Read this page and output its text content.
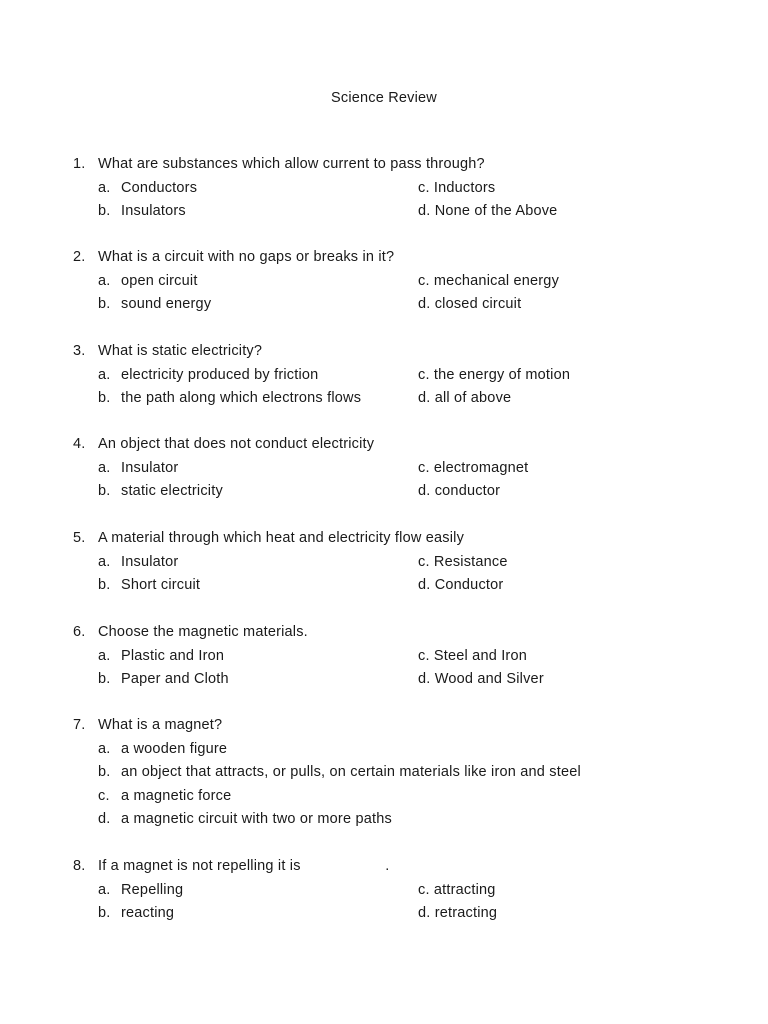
Science Review
1. What are substances which allow current to pass through?
a. Conductors	c. Inductors
b. Insulators	d. None of the Above
2. What is a circuit with no gaps or breaks in it?
a. open circuit	c. mechanical energy
b. sound energy	d. closed circuit
3. What is static electricity?
a. electricity produced by friction	c. the energy of motion
b. the path along which electrons flows	d. all of above
4. An object that does not conduct electricity
a. Insulator	c. electromagnet
b. static electricity	d. conductor
5. A material through which heat and electricity flow easily
a. Insulator	c. Resistance
b. Short circuit	d. Conductor
6. Choose the magnetic materials.
a. Plastic and Iron	c. Steel and Iron
b. Paper and Cloth	d. Wood and Silver
7. What is a magnet?
a. a wooden figure
b. an object that attracts, or pulls, on certain materials like iron and steel
c. a magnetic force
d. a magnetic circuit with two or more paths
8. If a magnet is not repelling it is                    .
a. Repelling	c. attracting
b. reacting	d. retracting
